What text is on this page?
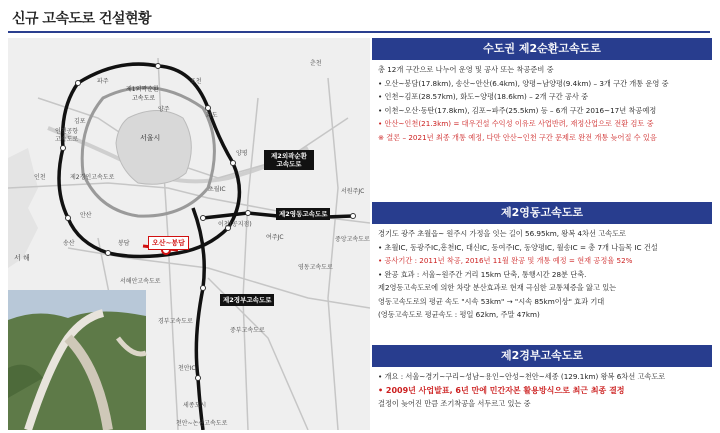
신규 고속도로 건설현황
파주	포천
춘천
제1외곽순환
고속도로
양주
김포
서울시
화도
인천공항
고속도로
양평
제2경인고속도로
인천
초월IC	서원주JC
안산
송산	봉담
이천(공지점)
여주JC	중앙고속도로
영동고속도로
서해안고속도로
경부고속도로
중부고속도로
천안IC
세종도시
천안~논산고속도로
서 해
제2외곽순환
고속도로
제2영동고속도로
제2경부고속도로
오산~봉담
수도권 제2순환고속도로
총 12개 구간으로 나누어 운영 및 공사 또는 착공준비 중
• 오산~봉담(17.8km), 송산~안산(6.4km), 양평~남양평(9.4km) – 3개 구간 개통 운영 중
• 인천~김포(28.57km), 화도~양평(18.6km) – 2개 구간 공사 중
• 이천~오산·동탄(17.8km), 김포~파주(25.5km) 등 – 6개 구간 2016~17년 착공예정
• 안산~인천(21.3km) = 대우건설 수익성 이유로 사업반려, 재정산업으로 전환 검토 중
※ 결론 – 2021년 최종 개통 예정, 다만 안산~인천 구간 문제로 완전 개통 늦어질 수 있음
제2영동고속도로
경기도 광주 초월읍~ 원주시 가정을 잇는 길이 56.95km, 왕복 4차선 고속도로
• 초월IC, 동광주IC,흥천IC, 대신IC, 동여주IC, 동양평IC, 월송IC = 총 7개 나들목 IC 건설
• 공사기간 : 2011년 착공, 2016년 11월 완공 및 개통 예정 = 현재 공정율 52%
• 완공 효과 : 서울~원주간 거리 15km 단축, 통행시간 28분 단축.
제2영동고속도로에 의한 차량 분산효과로 현재 극심한 교통체증을 앓고 있는
영동고속도로의 평균 속도 "시속 53km" → "시속 85km이상" 효과 기대
(영동고속도로 평균속도 : 평일 62km, 주말 47km)
제2경부고속도로
• 개요 : 서울~경기~구리~성남~용인~안성~천안~세종 (129.1km) 왕복 6차선 고속도로
• 2009년 사업발표, 6년 만에 민간자본 활용방식으로 최근 최종 결정
결정이 늦어진 만큼 조기착공을 서두르고 있는 중
